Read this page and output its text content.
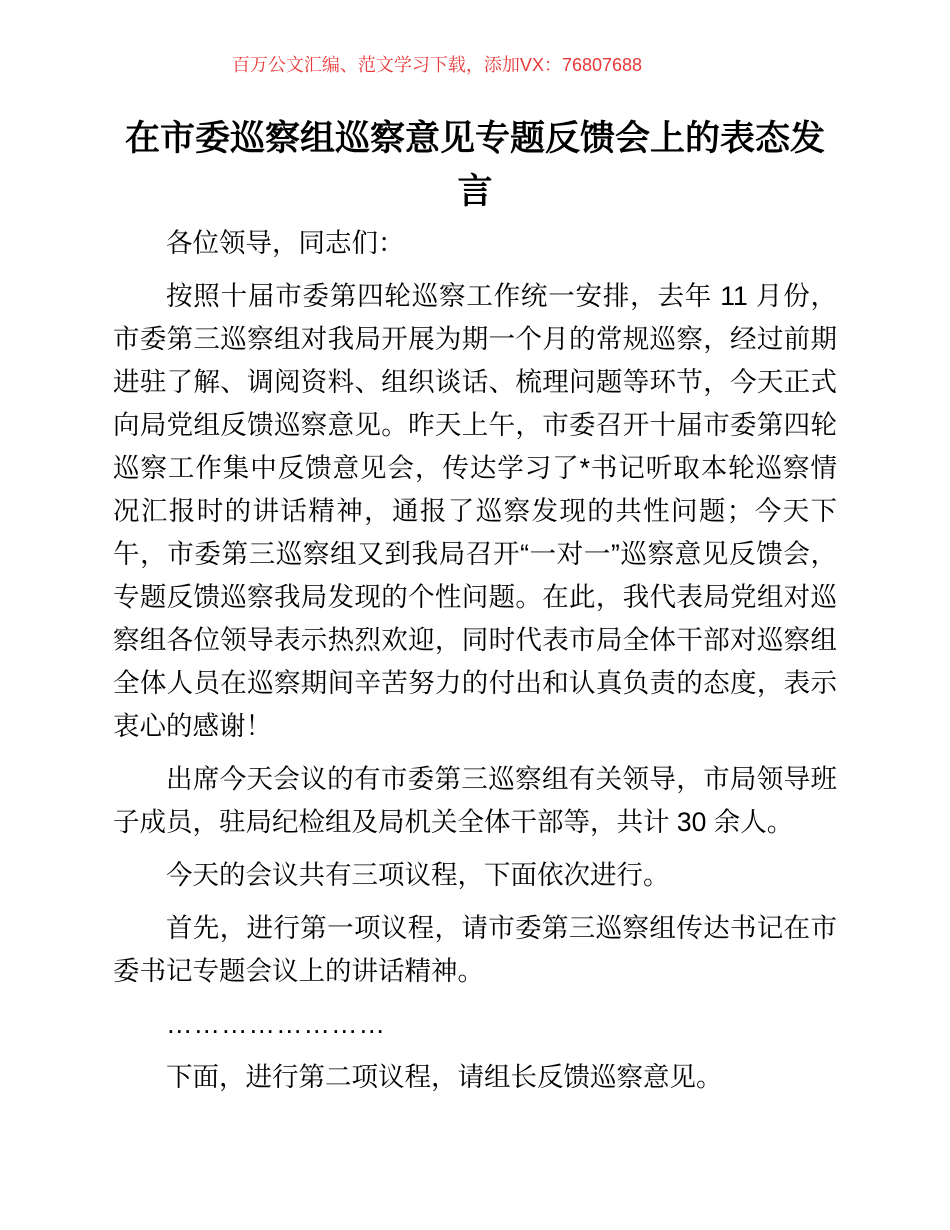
百万公文汇编、范文学习下载，添加VX：76807688
在市委巡察组巡察意见专题反馈会上的表态发言

各位领导，同志们：

按照十届市委第四轮巡察工作统一安排，去年 11 月份，市委第三巡察组对我局开展为期一个月的常规巡察，经过前期进驻了解、调阅资料、组织谈话、梳理问题等环节，今天正式向局党组反馈巡察意见。昨天上午，市委召开十届市委第四轮巡察工作集中反馈意见会，传达学习了*书记听取本轮巡察情况汇报时的讲话精神，通报了巡察发现的共性问题；今天下午，市委第三巡察组又到我局召开“一对一”巡察意见反馈会，专题反馈巡察我局发现的个性问题。在此，我代表局党组对巡察组各位领导表示热烈欢迎，同时代表市局全体干部对巡察组全体人员在巡察期间辛苦努力的付出和认真负责的态度，表示衷心的感谢！

出席今天会议的有市委第三巡察组有关领导，市局领导班子成员，驻局纪检组及局机关全体干部等，共计 30 余人。

今天的会议共有三项议程，下面依次进行。

首先，进行第一项议程，请市委第三巡察组传达书记在市委书记专题会议上的讲话精神。

……………………

下面，进行第二项议程，请组长反馈巡察意见。
